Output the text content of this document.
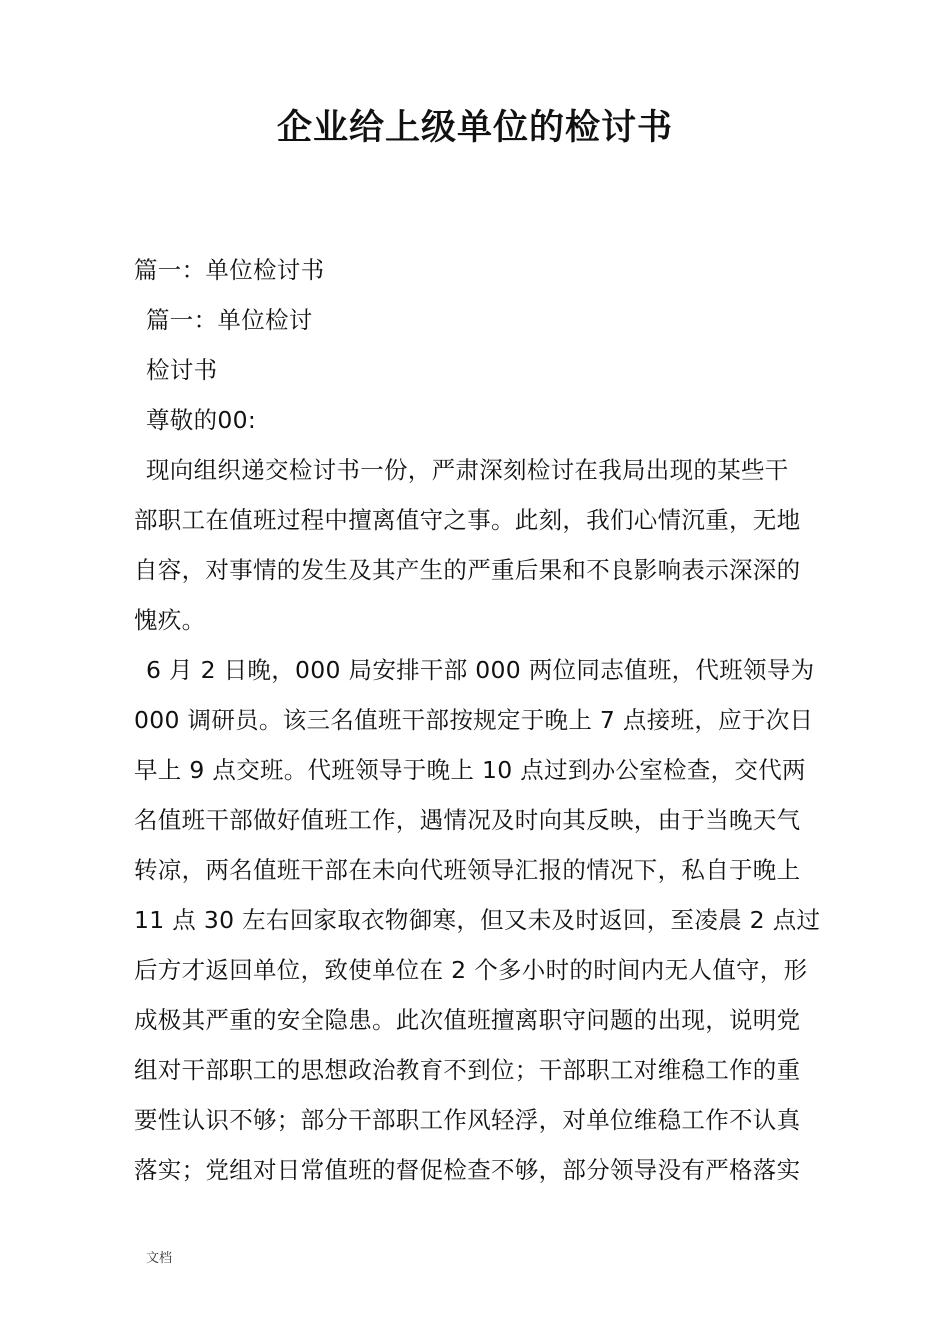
企业给上级单位的检讨书
篇一：单位检讨书
篇一：单位检讨
检讨书
尊敬的00:
现向组织递交检讨书一份，严肃深刻检讨在我局出现的某些干
部职工在值班过程中擅离值守之事。此刻，我们心情沉重，无地
自容，对事情的发生及其产生的严重后果和不良影响表示深深的
愧疚。
6 月 2 日晚，000 局安排干部 000 两位同志值班，代班领导为
000 调研员。该三名值班干部按规定于晚上 7 点接班，应于次日
早上 9 点交班。代班领导于晚上 10 点过到办公室检查，交代两
名值班干部做好值班工作，遇情况及时向其反映，由于当晚天气
转凉，两名值班干部在未向代班领导汇报的情况下，私自于晚上
11 点 30 左右回家取衣物御寒，但又未及时返回，至凌晨 2 点过
后方才返回单位，致使单位在 2 个多小时的时间内无人值守，形
成极其严重的安全隐患。此次值班擅离职守问题的出现，说明党
组对干部职工的思想政治教育不到位；干部职工对维稳工作的重
要性认识不够；部分干部职工作风轻浮，对单位维稳工作不认真
落实；党组对日常值班的督促检查不够，部分领导没有严格落实
文档
